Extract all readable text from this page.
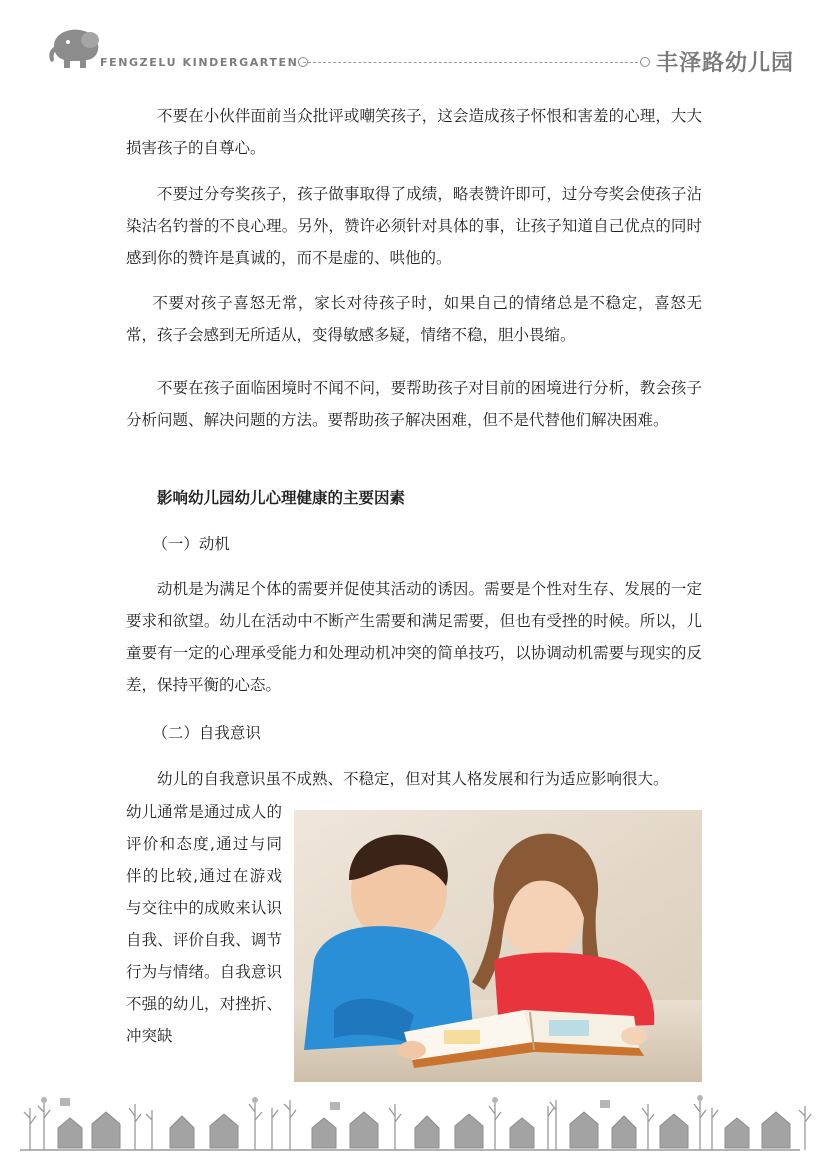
FENGZELU KINDERGARTEN	丰泽路幼儿园

不要在小伙伴面前当众批评或嘲笑孩子，这会造成孩子怀恨和害羞的心理，大大损害孩子的自尊心。

不要过分夸奖孩子，孩子做事取得了成绩，略表赞许即可，过分夸奖会使孩子沾染沽名钓誉的不良心理。另外，赞许必须针对具体的事，让孩子知道自己优点的同时感到你的赞许是真诚的，而不是虚的、哄他的。

不要对孩子喜怒无常，家长对待孩子时，如果自己的情绪总是不稳定，喜怒无常，孩子会感到无所适从，变得敏感多疑，情绪不稳，胆小畏缩。

不要在孩子面临困境时不闻不问，要帮助孩子对目前的困境进行分析，教会孩子分析问题、解决问题的方法。要帮助孩子解决困难，但不是代替他们解决困难。

影响幼儿园幼儿心理健康的主要因素

（一）动机

动机是为满足个体的需要并促使其活动的诱因。需要是个性对生存、发展的一定要求和欲望。幼儿在活动中不断产生需要和满足需要，但也有受挫的时候。所以，儿童要有一定的心理承受能力和处理动机冲突的简单技巧，以协调动机需要与现实的反差，保持平衡的心态。

（二）自我意识

幼儿的自我意识虽不成熟、不稳定，但对其人格发展和行为适应影响很大。

幼儿通常是通过成人的评价和态度,通过与同伴的比较,通过在游戏与交往中的成败来认识自我、评价自我、调节行为与情绪。自我意识不强的幼儿，对挫折、冲突缺
